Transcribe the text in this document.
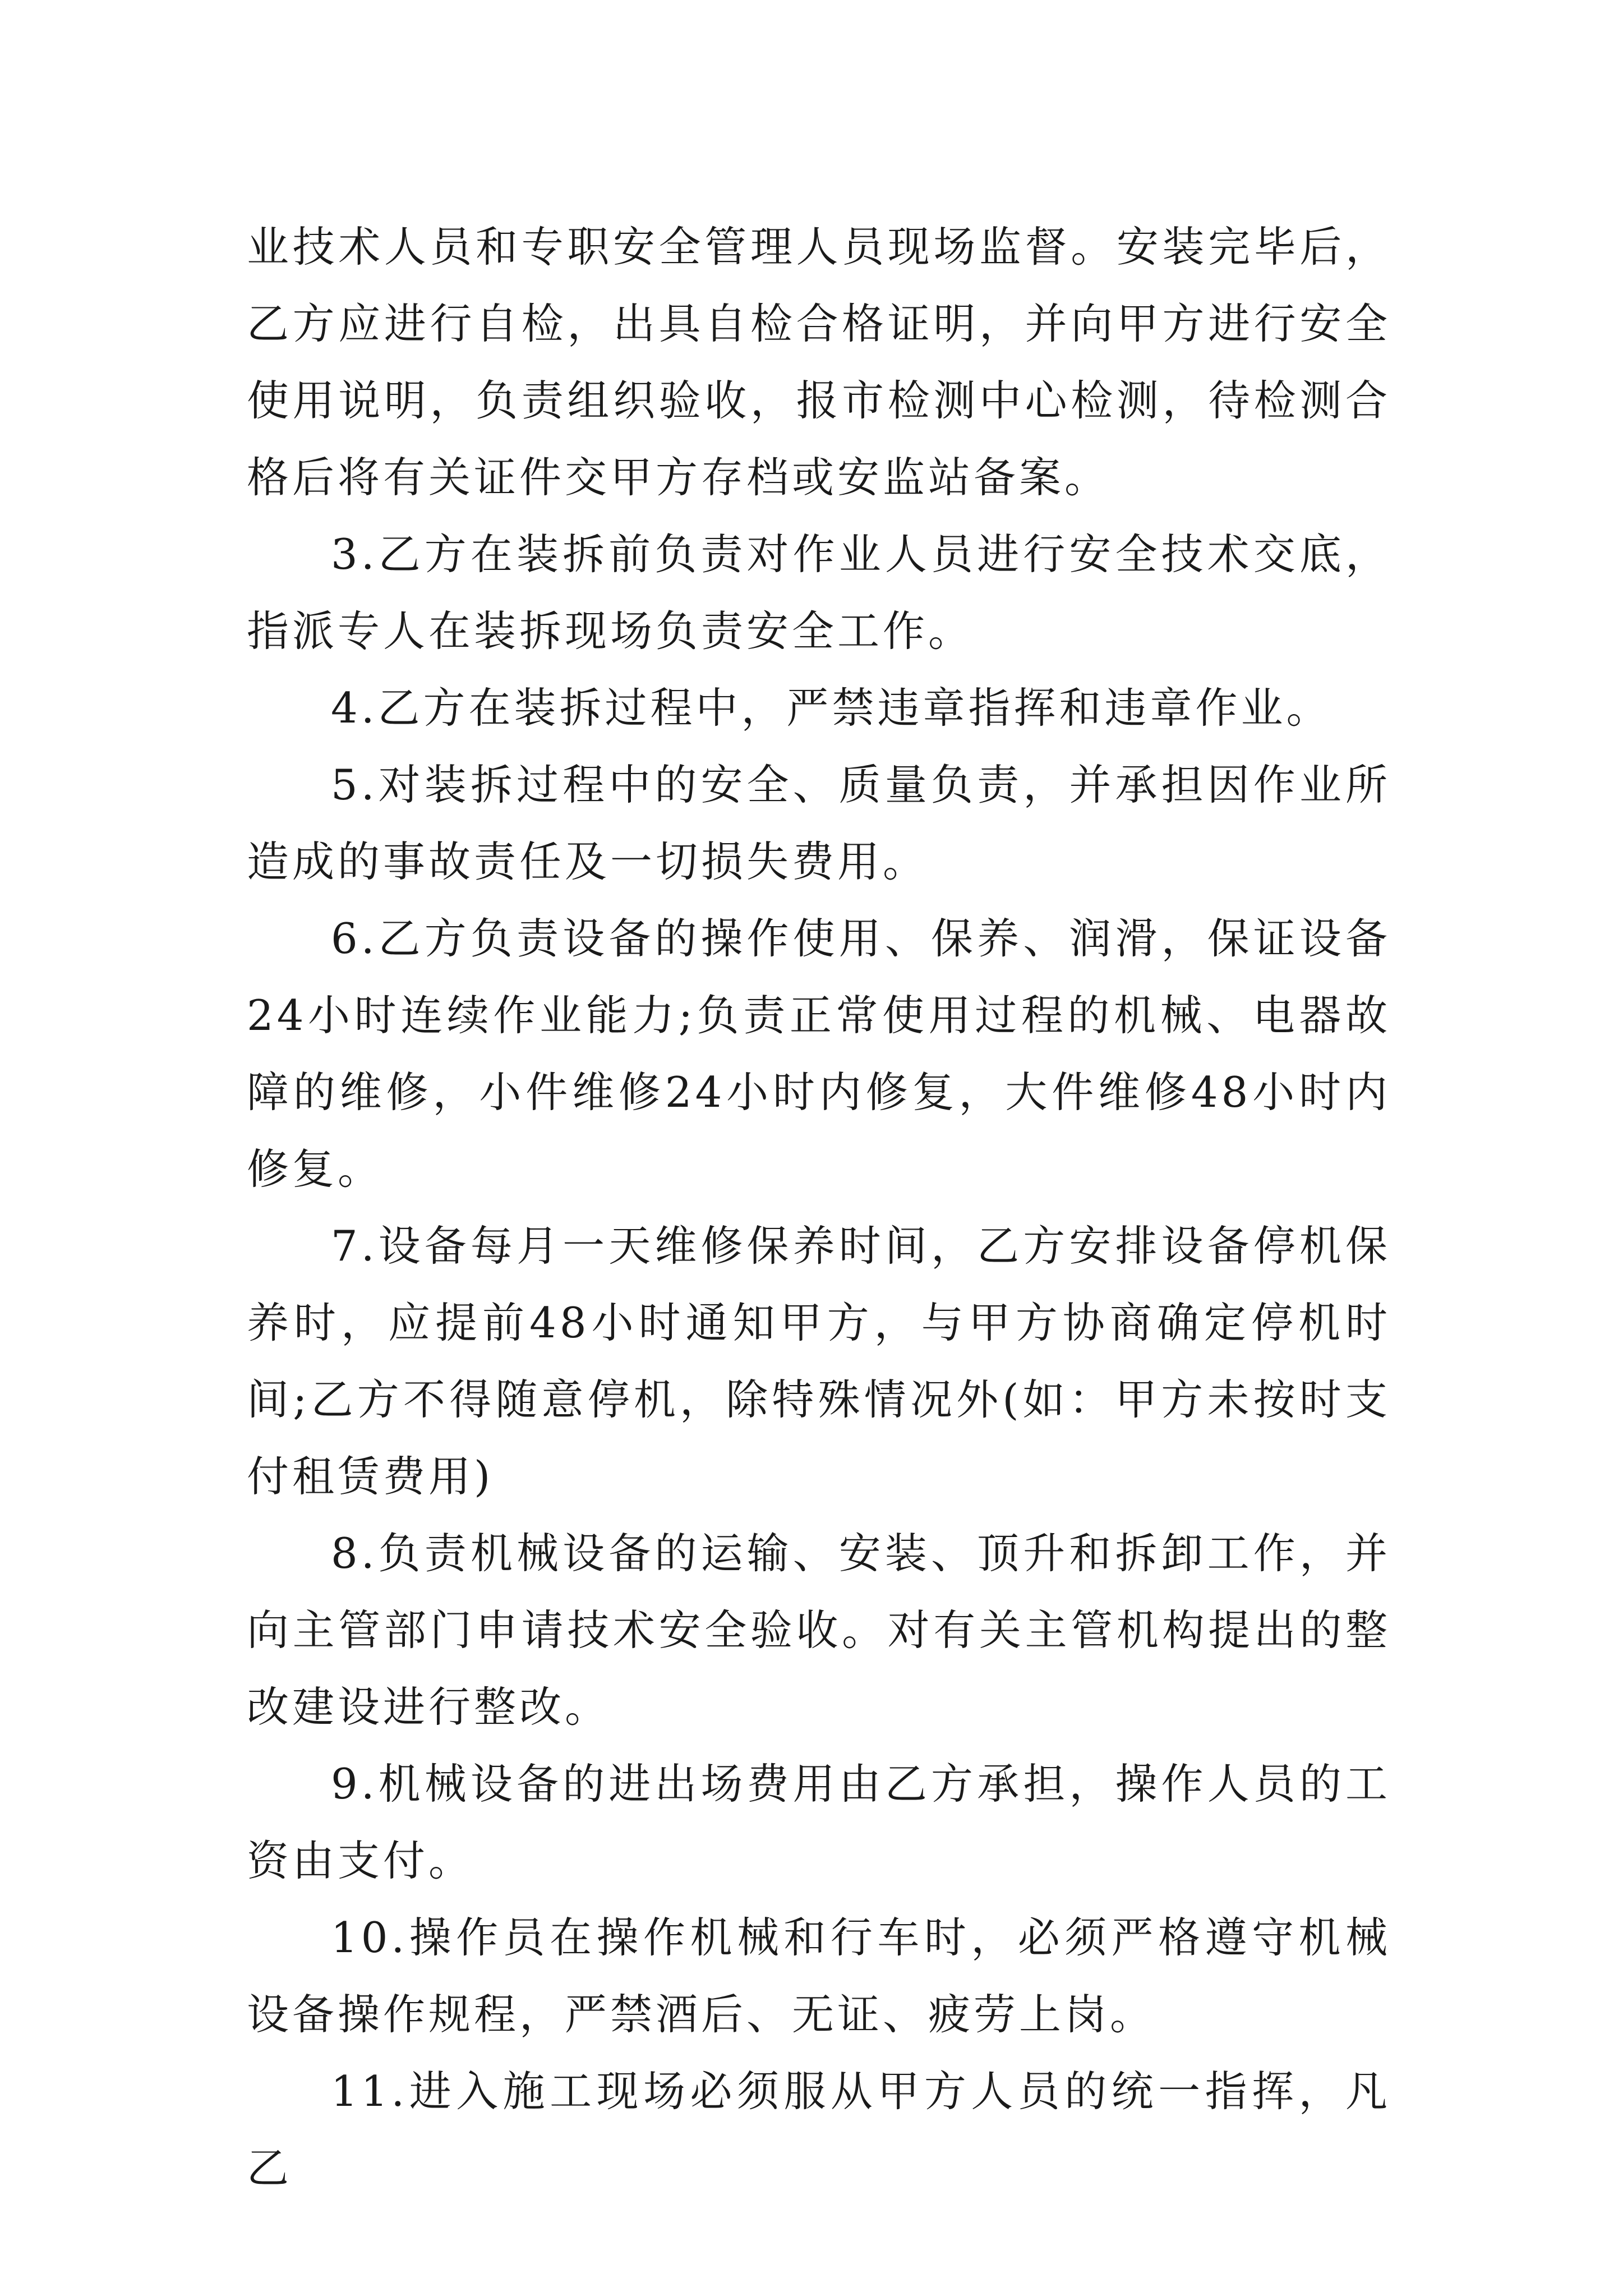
业技术人员和专职安全管理人员现场监督。安装完毕后，乙方应进行自检，出具自检合格证明，并向甲方进行安全使用说明，负责组织验收，报市检测中心检测，待检测合格后将有关证件交甲方存档或安监站备案。

3.乙方在装拆前负责对作业人员进行安全技术交底，指派专人在装拆现场负责安全工作。

4.乙方在装拆过程中，严禁违章指挥和违章作业。

5.对装拆过程中的安全、质量负责，并承担因作业所造成的事故责任及一切损失费用。

6.乙方负责设备的操作使用、保养、润滑，保证设备24小时连续作业能力;负责正常使用过程的机械、电器故障的维修，小件维修24小时内修复，大件维修48小时内修复。

7.设备每月一天维修保养时间，乙方安排设备停机保养时，应提前48小时通知甲方，与甲方协商确定停机时间;乙方不得随意停机，除特殊情况外(如：甲方未按时支付租赁费用)

8.负责机械设备的运输、安装、顶升和拆卸工作，并向主管部门申请技术安全验收。对有关主管机构提出的整改建设进行整改。

9.机械设备的进出场费用由乙方承担，操作人员的工资由支付。

10.操作员在操作机械和行车时，必须严格遵守机械设备操作规程，严禁酒后、无证、疲劳上岗。

11.进入施工现场必须服从甲方人员的统一指挥，凡乙
